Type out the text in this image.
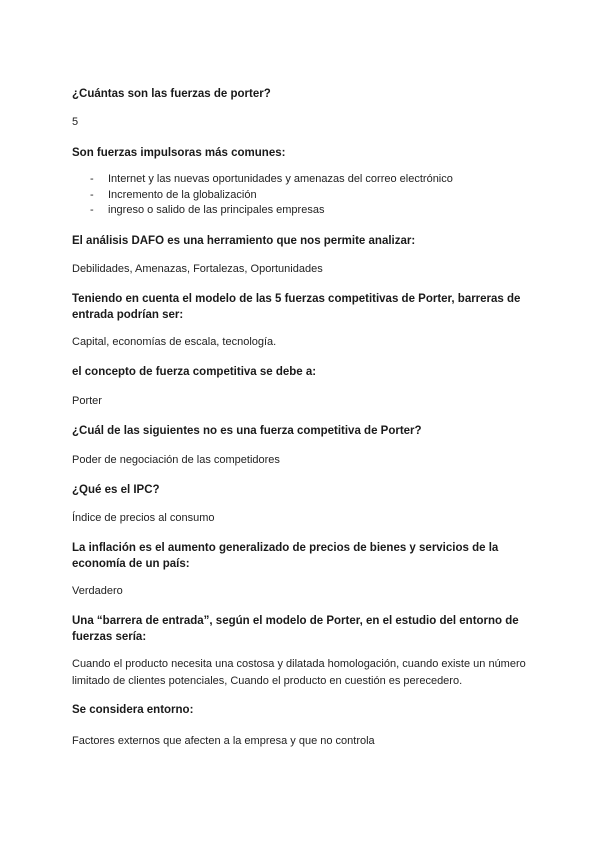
¿Cuántas son las fuerzas de porter?

5

Son fuerzas impulsoras más comunes:

- Internet y las nuevas oportunidades y amenazas del correo electrónico
- Incremento de la globalización
- ingreso o salido de las principales empresas

El análisis DAFO es una herramiento que nos permite analizar:

Debilidades, Amenazas, Fortalezas, Oportunidades

Teniendo en cuenta el modelo de las 5 fuerzas competitivas de Porter, barreras de entrada podrían ser:

Capital, economías de escala, tecnología.

el concepto de fuerza competitiva se debe a:

Porter

¿Cuál de las siguientes no es una fuerza competitiva de Porter?

Poder de negociación de las competidores

¿Qué es el IPC?

Índice de precios al consumo

La inflación es el aumento generalizado de precios de bienes y servicios de la economía de un país:

Verdadero

Una “barrera de entrada”, según el modelo de Porter, en el estudio del entorno de fuerzas sería:

Cuando el producto necesita una costosa y dilatada homologación, cuando existe un número limitado de clientes potenciales, Cuando el producto en cuestión es perecedero.

Se considera entorno:

Factores externos que afecten a la empresa y que no controla
